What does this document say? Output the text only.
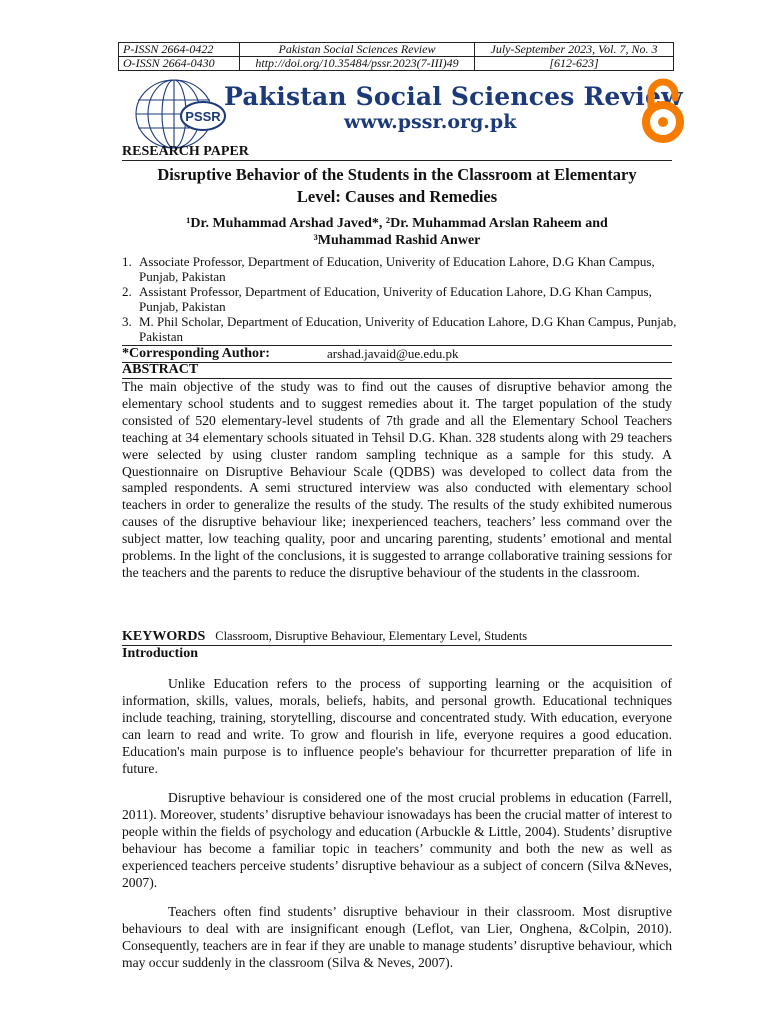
P-ISSN 2664-0422	Pakistan Social Sciences Review	July-September 2023, Vol. 7, No. 3
O-ISSN 2664-0430	http://doi.org/10.35484/pssr.2023(7-III)49	[612-623]
PSSR
Pakistan Social Sciences Review
www.pssr.org.pk
RESEARCH PAPER
Disruptive Behavior of the Students in the Classroom at Elementary
Level: Causes and Remedies
¹Dr. Muhammad Arshad Javed*, ²Dr. Muhammad Arslan Raheem and
³Muhammad Rashid Anwer
1. Associate Professor, Department of Education, Univerity of Education Lahore, D.G Khan Campus, Punjab, Pakistan
2. Assistant Professor, Department of Education, Univerity of Education Lahore, D.G Khan Campus, Punjab, Pakistan
3. M. Phil Scholar, Department of Education, Univerity of Education Lahore, D.G Khan Campus, Punjab, Pakistan
*Corresponding Author:	arshad.javaid@ue.edu.pk
ABSTRACT

The main objective of the study was to find out the causes of disruptive behavior among the elementary school students and to suggest remedies about it. The target population of the study consisted of 520 elementary-level students of 7th grade and all the Elementary School Teachers teaching at 34 elementary schools situated in Tehsil D.G. Khan. 328 students along with 29 teachers were selected by using cluster random sampling technique as a sample for this study. A Questionnaire on Disruptive Behaviour Scale (QDBS) was developed to collect data from the sampled respondents. A semi structured interview was also conducted with elementary school teachers in order to generalize the results of the study. The results of the study exhibited numerous causes of the disruptive behaviour like; inexperienced teachers, teachers’ less command over the subject matter, low teaching quality, poor and uncaring parenting, students’ emotional and mental problems. In the light of the conclusions, it is suggested to arrange collaborative training sessions for the teachers and the parents to reduce the disruptive behaviour of the students in the classroom.

KEYWORDS Classroom, Disruptive Behaviour, Elementary Level, Students
Introduction

Unlike Education refers to the process of supporting learning or the acquisition of information, skills, values, morals, beliefs, habits, and personal growth. Educational techniques include teaching, training, storytelling, discourse and concentrated study. With education, everyone can learn to read and write. To grow and flourish in life, everyone requires a good education. Education's main purpose is to influence people's behaviour for thcurretter preparation of life in future.

Disruptive behaviour is considered one of the most crucial problems in education (Farrell, 2011). Moreover, students’ disruptive behaviour isnowadays has been the crucial matter of interest to people within the fields of psychology and education (Arbuckle & Little, 2004). Students’ disruptive behaviour has become a familiar topic in teachers’ community and both the new as well as experienced teachers perceive students’ disruptive behaviour as a subject of concern (Silva &Neves, 2007).

Teachers often find students’ disruptive behaviour in their classroom. Most disruptive behaviours to deal with are insignificant enough (Leflot, van Lier, Onghena, &Colpin, 2010). Consequently, teachers are in fear if they are unable to manage students’ disruptive behaviour, which may occur suddenly in the classroom (Silva & Neves, 2007).
